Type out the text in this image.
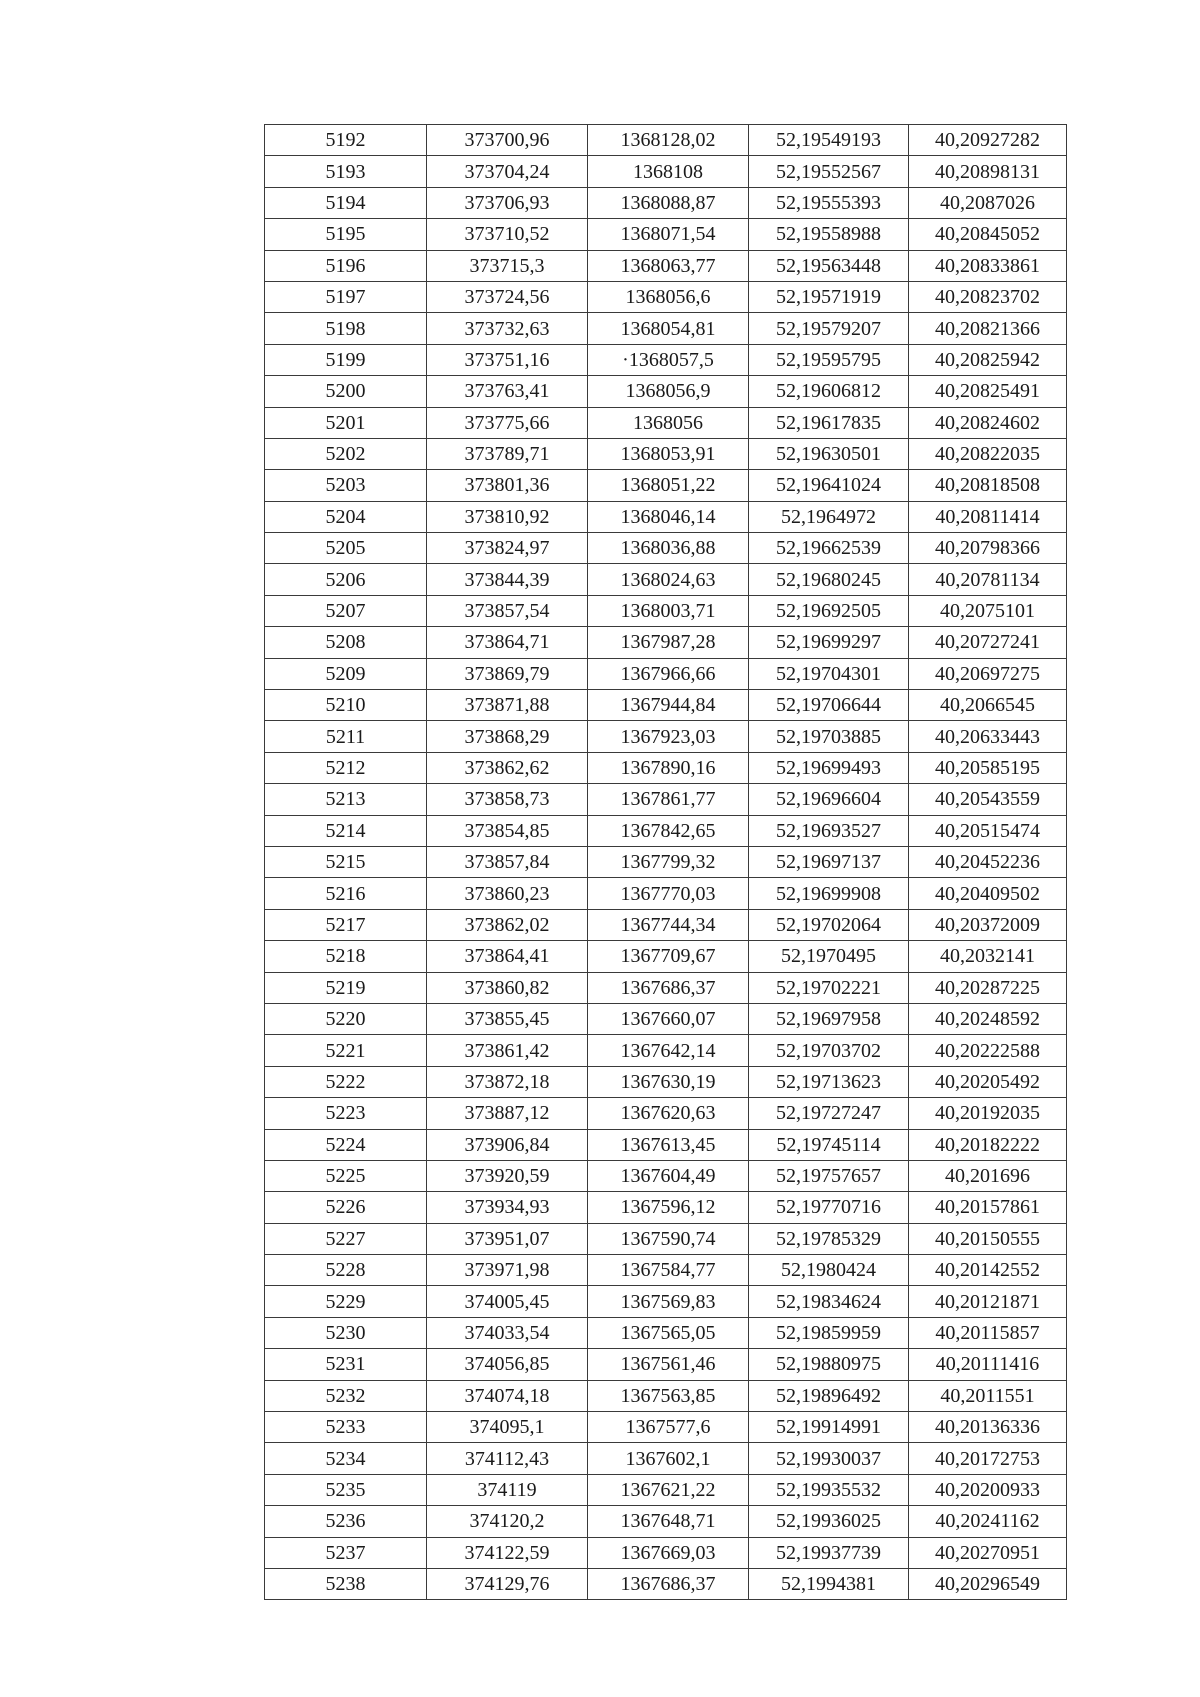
5192	373700,96	1368128,02	52,19549193	40,20927282
5193	373704,24	1368108	52,19552567	40,20898131
5194	373706,93	1368088,87	52,19555393	40,2087026
5195	373710,52	1368071,54	52,19558988	40,20845052
5196	373715,3	1368063,77	52,19563448	40,20833861
5197	373724,56	1368056,6	52,19571919	40,20823702
5198	373732,63	1368054,81	52,19579207	40,20821366
5199	373751,16	·1368057,5	52,19595795	40,20825942
5200	373763,41	1368056,9	52,19606812	40,20825491
5201	373775,66	1368056	52,19617835	40,20824602
5202	373789,71	1368053,91	52,19630501	40,20822035
5203	373801,36	1368051,22	52,19641024	40,20818508
5204	373810,92	1368046,14	52,1964972	40,20811414
5205	373824,97	1368036,88	52,19662539	40,20798366
5206	373844,39	1368024,63	52,19680245	40,20781134
5207	373857,54	1368003,71	52,19692505	40,2075101
5208	373864,71	1367987,28	52,19699297	40,20727241
5209	373869,79	1367966,66	52,19704301	40,20697275
5210	373871,88	1367944,84	52,19706644	40,2066545
5211	373868,29	1367923,03	52,19703885	40,20633443
5212	373862,62	1367890,16	52,19699493	40,20585195
5213	373858,73	1367861,77	52,19696604	40,20543559
5214	373854,85	1367842,65	52,19693527	40,20515474
5215	373857,84	1367799,32	52,19697137	40,20452236
5216	373860,23	1367770,03	52,19699908	40,20409502
5217	373862,02	1367744,34	52,19702064	40,20372009
5218	373864,41	1367709,67	52,1970495	40,2032141
5219	373860,82	1367686,37	52,19702221	40,20287225
5220	373855,45	1367660,07	52,19697958	40,20248592
5221	373861,42	1367642,14	52,19703702	40,20222588
5222	373872,18	1367630,19	52,19713623	40,20205492
5223	373887,12	1367620,63	52,19727247	40,20192035
5224	373906,84	1367613,45	52,19745114	40,20182222
5225	373920,59	1367604,49	52,19757657	40,201696
5226	373934,93	1367596,12	52,19770716	40,20157861
5227	373951,07	1367590,74	52,19785329	40,20150555
5228	373971,98	1367584,77	52,1980424	40,20142552
5229	374005,45	1367569,83	52,19834624	40,20121871
5230	374033,54	1367565,05	52,19859959	40,20115857
5231	374056,85	1367561,46	52,19880975	40,20111416
5232	374074,18	1367563,85	52,19896492	40,2011551
5233	374095,1	1367577,6	52,19914991	40,20136336
5234	374112,43	1367602,1	52,19930037	40,20172753
5235	374119	1367621,22	52,19935532	40,20200933
5236	374120,2	1367648,71	52,19936025	40,20241162
5237	374122,59	1367669,03	52,19937739	40,20270951
5238	374129,76	1367686,37	52,1994381	40,20296549
